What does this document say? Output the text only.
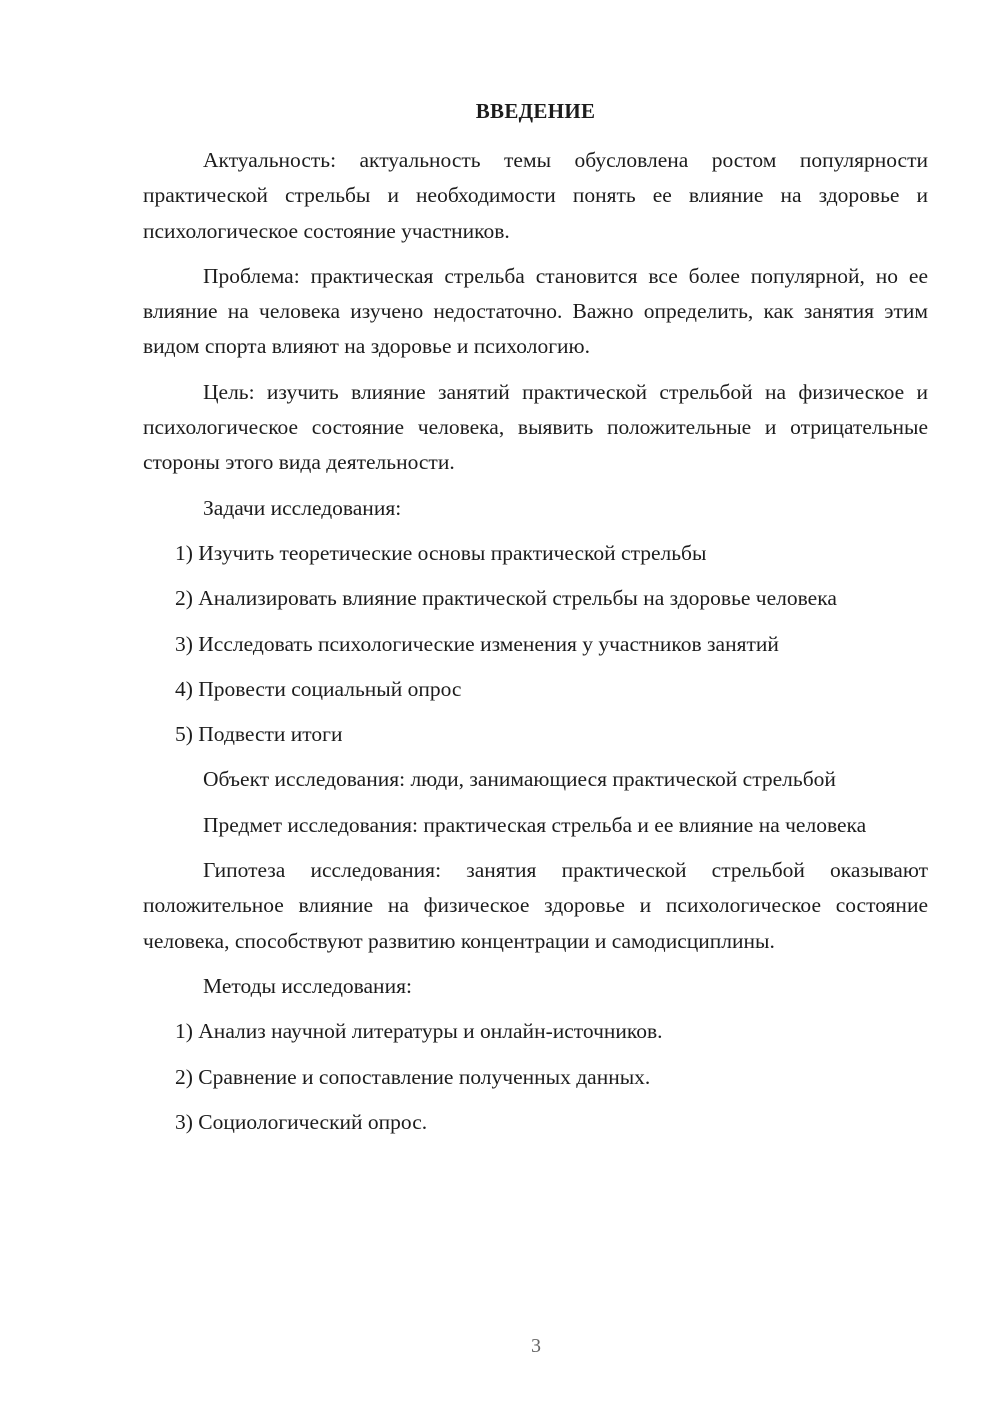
ВВЕДЕНИЕ

Актуальность: актуальность темы обусловлена ростом популярности практической стрельбы и необходимости понять ее влияние на здоровье и психологическое состояние участников.

Проблема: практическая стрельба становится все более популярной, но ее влияние на человека изучено недостаточно. Важно определить, как занятия этим видом спорта влияют на здоровье и психологию.

Цель: изучить влияние занятий практической стрельбой на физическое и психологическое состояние человека, выявить положительные и отрицательные стороны этого вида деятельности.

Задачи исследования:

1) Изучить теоретические основы практической стрельбы

2) Анализировать влияние практической стрельбы на здоровье человека

3) Исследовать психологические изменения у участников занятий

4) Провести социальный опрос

5) Подвести итоги

Объект исследования: люди, занимающиеся практической стрельбой

Предмет исследования: практическая стрельба и ее влияние на человека

Гипотеза исследования: занятия практической стрельбой оказывают положительное влияние на физическое здоровье и психологическое состояние человека, способствуют развитию концентрации и самодисциплины.

Методы исследования:

1) Анализ научной литературы и онлайн-источников.

2) Сравнение и сопоставление полученных данных.

3) Социологический опрос.

3
